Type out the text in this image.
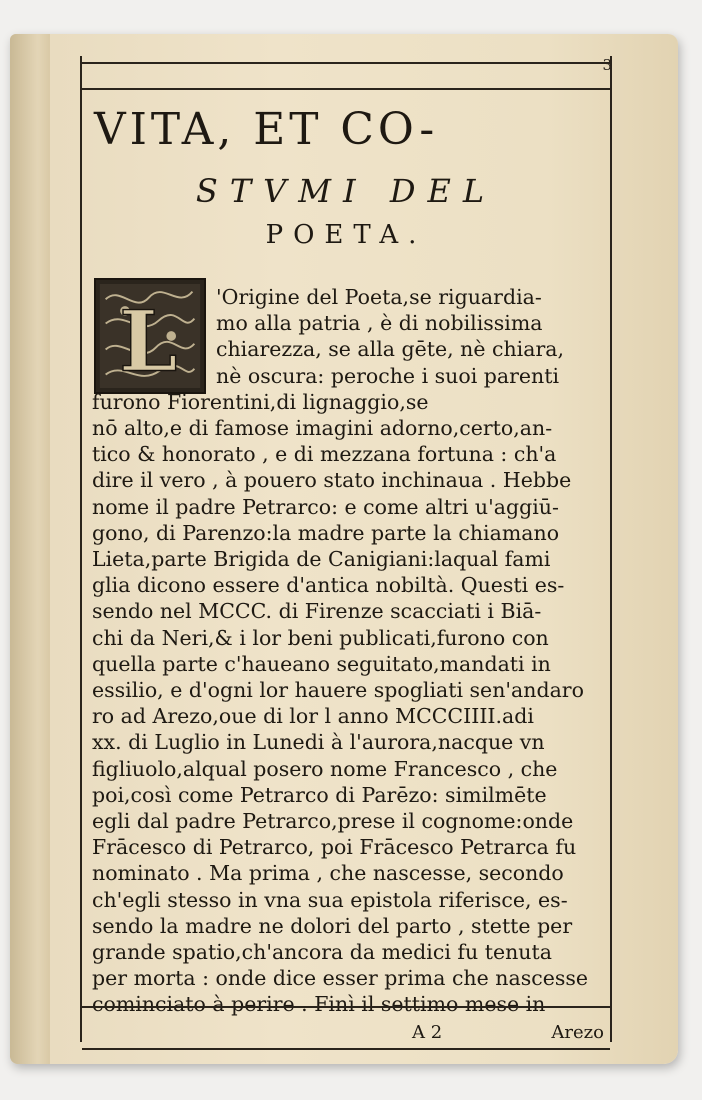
3
VITA, ET CO-
STVMI DEL
POETA.
L 'Origine del Poeta,se riguardia-
mo alla patria , è di nobilissima
chiarezza, se alla gēte, nè chiara,
nè oscura: peroche i suoi parenti
furono Fiorentini,di lignaggio,se
nō alto,e di famose imagini adorno,certo,an-
tico & honorato , e di mezzana fortuna : ch'a
dire il vero , à pouero stato inchinaua . Hebbe
nome il padre Petrarco: e come altri u'aggiū-
gono, di Parenzo:la madre parte la chiamano
Lieta,parte Brigida de Canigiani:laqual fami
glia dicono essere d'antica nobiltà. Questi es-
sendo nel MCCC. di Firenze scacciati i Biā-
chi da Neri,& i lor beni publicati,furono con
quella parte c'haueano seguitato,mandati in
essilio, e d'ogni lor hauere spogliati sen'andaro
ro ad Arezo,oue di lor l anno MCCCIIII.adi
xx. di Luglio in Lunedi à l'aurora,nacque vn
figliuolo,alqual posero nome Francesco , che
poi,così come Petrarco di Parēzo: similmēte
egli dal padre Petrarco,prese il cognome:onde
Frācesco di Petrarco, poi Frācesco Petrarca fu
nominato . Ma prima , che nascesse, secondo
ch'egli stesso in vna sua epistola riferisce, es-
sendo la madre ne dolori del parto , stette per
grande spatio,ch'ancora da medici fu tenuta
per morta : onde dice esser prima che nascesse
cominciato à perire . Finì il settimo mese in
A 2	Arezo
